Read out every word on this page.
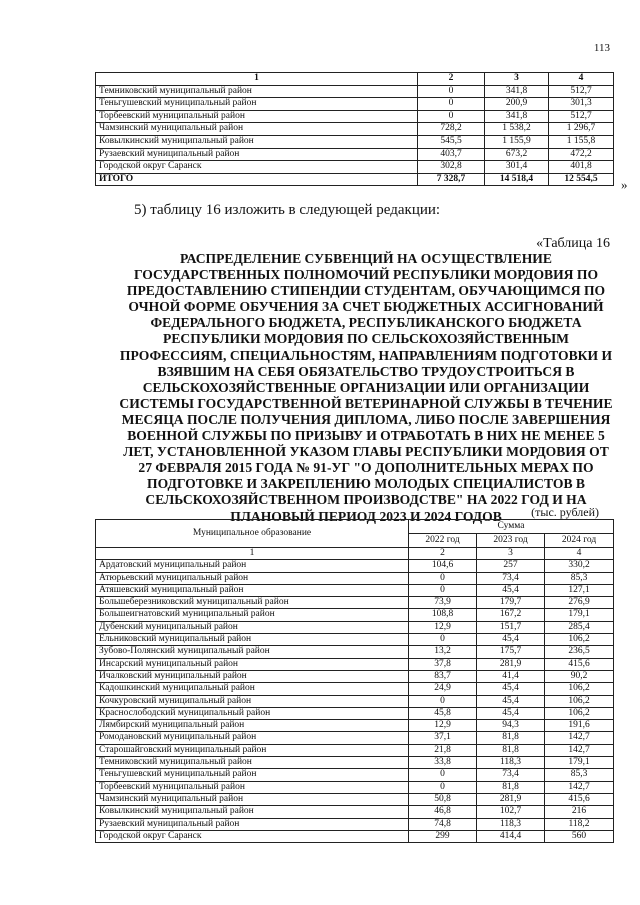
113
1	2	3	4
Темниковский муниципальный район	0	341,8	512,7
Теньгушевский муниципальный район	0	200,9	301,3
Торбеевский муниципальный район	0	341,8	512,7
Чамзинский муниципальный район	728,2	1 538,2	1 296,7
Ковылкинский муниципальный район	545,5	1 155,9	1 155,8
Рузаевский муниципальный район	403,7	673,2	472,2
Городской округ Саранск	302,8	301,4	401,8
ИТОГО	7 328,7	14 518,4	12 554,5 »
5) таблицу 16 изложить в следующей редакции:
«Таблица 16
РАСПРЕДЕЛЕНИЕ СУБВЕНЦИЙ НА ОСУЩЕСТВЛЕНИЕ ГОСУДАРСТВЕННЫХ ПОЛНОМОЧИЙ РЕСПУБЛИКИ МОРДОВИЯ ПО ПРЕДОСТАВЛЕНИЮ СТИПЕНДИИ СТУДЕНТАМ, ОБУЧАЮЩИМСЯ ПО ОЧНОЙ ФОРМЕ ОБУЧЕНИЯ ЗА СЧЕТ БЮДЖЕТНЫХ АССИГНОВАНИЙ ФЕДЕРАЛЬНОГО БЮДЖЕТА, РЕСПУБЛИКАНСКОГО БЮДЖЕТА РЕСПУБЛИКИ МОРДОВИЯ ПО СЕЛЬСКОХОЗЯЙСТВЕННЫМ ПРОФЕССИЯМ, СПЕЦИАЛЬНОСТЯМ, НАПРАВЛЕНИЯМ ПОДГОТОВКИ И ВЗЯВШИМ НА СЕБЯ ОБЯЗАТЕЛЬСТВО ТРУДОУСТРОИТЬСЯ В СЕЛЬСКОХОЗЯЙСТВЕННЫЕ ОРГАНИЗАЦИИ ИЛИ ОРГАНИЗАЦИИ СИСТЕМЫ ГОСУДАРСТВЕННОЙ ВЕТЕРИНАРНОЙ СЛУЖБЫ В ТЕЧЕНИЕ МЕСЯЦА ПОСЛЕ ПОЛУЧЕНИЯ ДИПЛОМА, ЛИБО ПОСЛЕ ЗАВЕРШЕНИЯ ВОЕННОЙ СЛУЖБЫ ПО ПРИЗЫВУ И ОТРАБОТАТЬ В НИХ НЕ МЕНЕЕ 5 ЛЕТ, УСТАНОВЛЕННОЙ УКАЗОМ ГЛАВЫ РЕСПУБЛИКИ МОРДОВИЯ ОТ 27 ФЕВРАЛЯ 2015 ГОДА № 91-УГ "О ДОПОЛНИТЕЛЬНЫХ МЕРАХ ПО ПОДГОТОВКЕ И ЗАКРЕПЛЕНИЮ МОЛОДЫХ СПЕЦИАЛИСТОВ В СЕЛЬСКОХОЗЯЙСТВЕННОМ ПРОИЗВОДСТВЕ" НА 2022 ГОД И НА ПЛАНОВЫЙ ПЕРИОД 2023 И 2024 ГОДОВ	(тыс. рублей)
Муниципальное образование	Сумма		
	2022 год	2023 год	2024 год
1	2	3	4
Ардатовский муниципальный район	104,6	257	330,2
Атюрьевский муниципальный район	0	73,4	85,3
Атяшевский муниципальный район	0	45,4	127,1
Большеберезниковский муниципальный район	73,9	179,7	276,9
Большеигнатовский муниципальный район	108,8	167,2	179,1
Дубенский муниципальный район	12,9	151,7	285,4
Ельниковский муниципальный район	0	45,4	106,2
Зубово-Полянский муниципальный район	13,2	175,7	236,5
Инсарский муниципальный район	37,8	281,9	415,6
Ичалковский муниципальный район	83,7	41,4	90,2
Кадошкинский муниципальный район	24,9	45,4	106,2
Кочкуровский муниципальный район	0	45,4	106,2
Краснослободский муниципальный район	45,8	45,4	106,2
Лямбирский муниципальный район	12,9	94,3	191,6
Ромодановский муниципальный район	37,1	81,8	142,7
Старошайговский муниципальный район	21,8	81,8	142,7
Темниковский муниципальный район	33,8	118,3	179,1
Теньгушевский муниципальный район	0	73,4	85,3
Торбеевский муниципальный район	0	81,8	142,7
Чамзинский муниципальный район	50,8	281,9	415,6
Ковылкинский муниципальный район	46,8	102,7	216
Рузаевский муниципальный район	74,8	118,3	118,2
Городской округ Саранск	299	414,4	560
